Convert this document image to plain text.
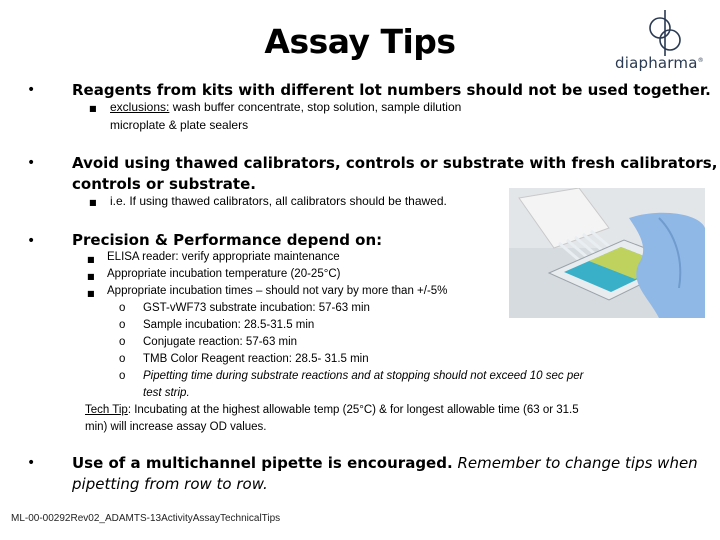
Assay Tips
diapharma®
• Reagents from kits with different lot numbers should not be used together.
■ exclusions: wash buffer concentrate, stop solution, sample dilution
microplate & plate sealers
• Avoid using thawed calibrators, controls or substrate with fresh calibrators,
controls or substrate.
■ i.e. If using thawed calibrators, all calibrators should be thawed.
• Precision & Performance depend on:
■ ELISA reader: verify appropriate maintenance
■ Appropriate incubation temperature (20-25°C)
■ Appropriate incubation times – should not vary by more than +/-5%
o GST-vWF73 substrate incubation: 57-63 min
o Sample incubation: 28.5-31.5 min
o Conjugate reaction: 57-63 min
o TMB Color Reagent reaction: 28.5- 31.5 min
o Pipetting time during substrate reactions and at stopping should not exceed 10 sec per
test strip.
Tech Tip: Incubating at the highest allowable temp (25°C) & for longest allowable time (63 or 31.5
min) will increase assay OD values.
• Use of a multichannel pipette is encouraged. Remember to change tips when
pipetting from row to row.
ML-00-00292Rev02_ADAMTS-13ActivityAssayTechnicalTips
